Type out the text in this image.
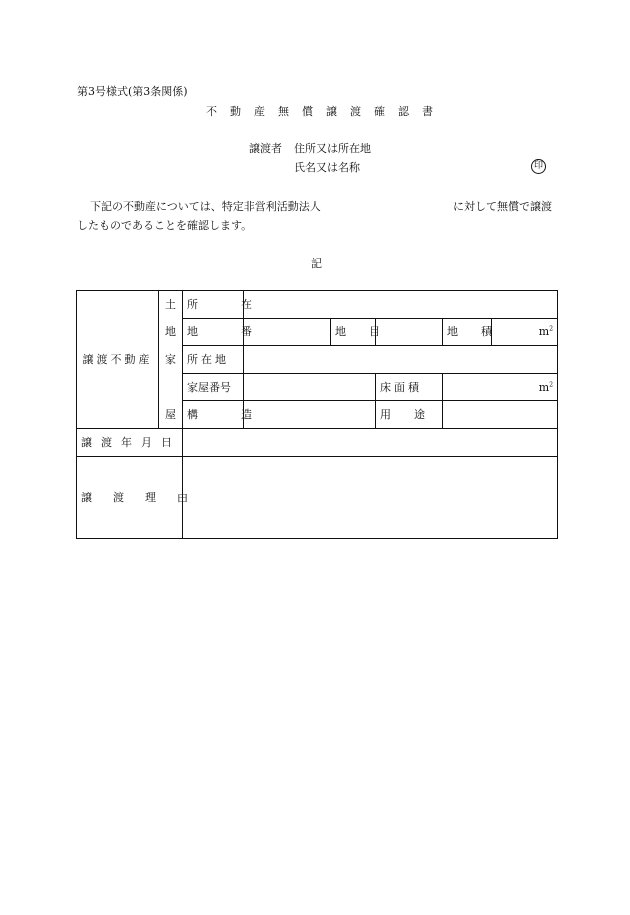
第3号様式(第3条関係)
不動産無償譲渡確認書
譲渡者 住所又は所在地
氏名又は名称	印
下記の不動産については、特定非営利活動法人	に対して無償で譲渡
したものであることを確認します。
記
譲渡不動産	土	所　在					
	地	地　番		地　目		地　積	$m^2$
	家	所在地					
		家屋番号			床面積	$m^2$
	屋	構　造			用　途		
譲渡年月日							
譲渡理由							
